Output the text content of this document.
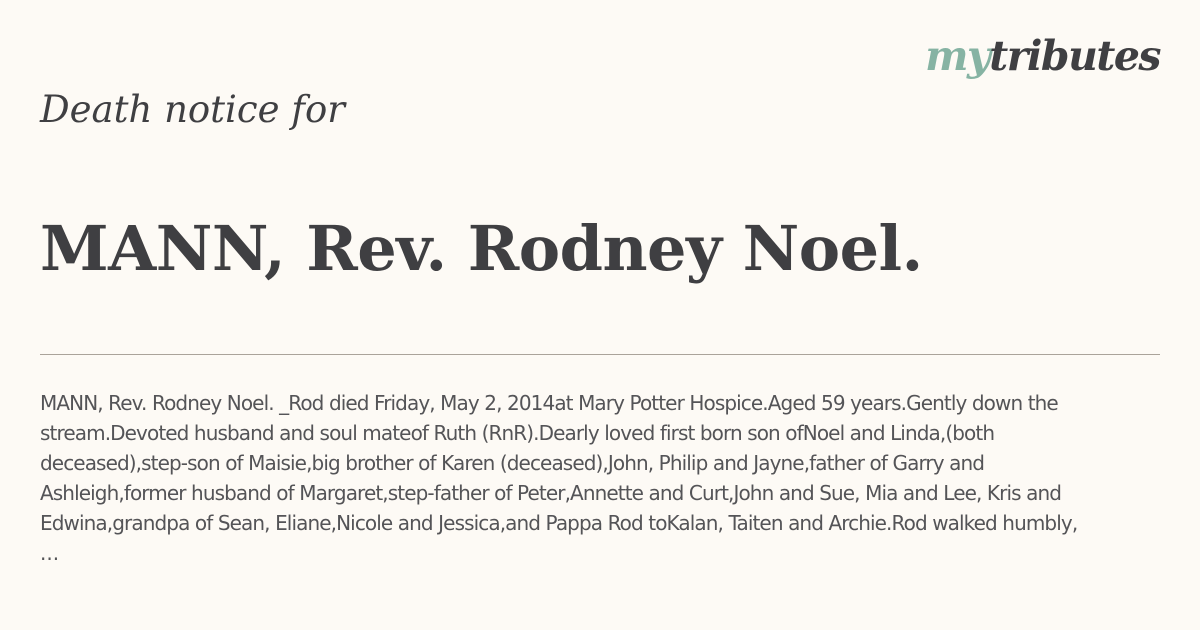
mytributes
Death notice for
MANN, Rev. Rodney Noel.
MANN, Rev. Rodney Noel. _Rod died Friday, May 2, 2014at Mary Potter Hospice.Aged 59 years.Gently down the
stream.Devoted husband and soul mateof Ruth (RnR).Dearly loved first born son ofNoel and Linda,(both
deceased),step-son of Maisie,big brother of Karen (deceased),John, Philip and Jayne,father of Garry and
Ashleigh,former husband of Margaret,step-father of Peter,Annette and Curt,John and Sue, Mia and Lee, Kris and
Edwina,grandpa of Sean, Eliane,Nicole and Jessica,and Pappa Rod toKalan, Taiten and Archie.Rod walked humbly,
...
